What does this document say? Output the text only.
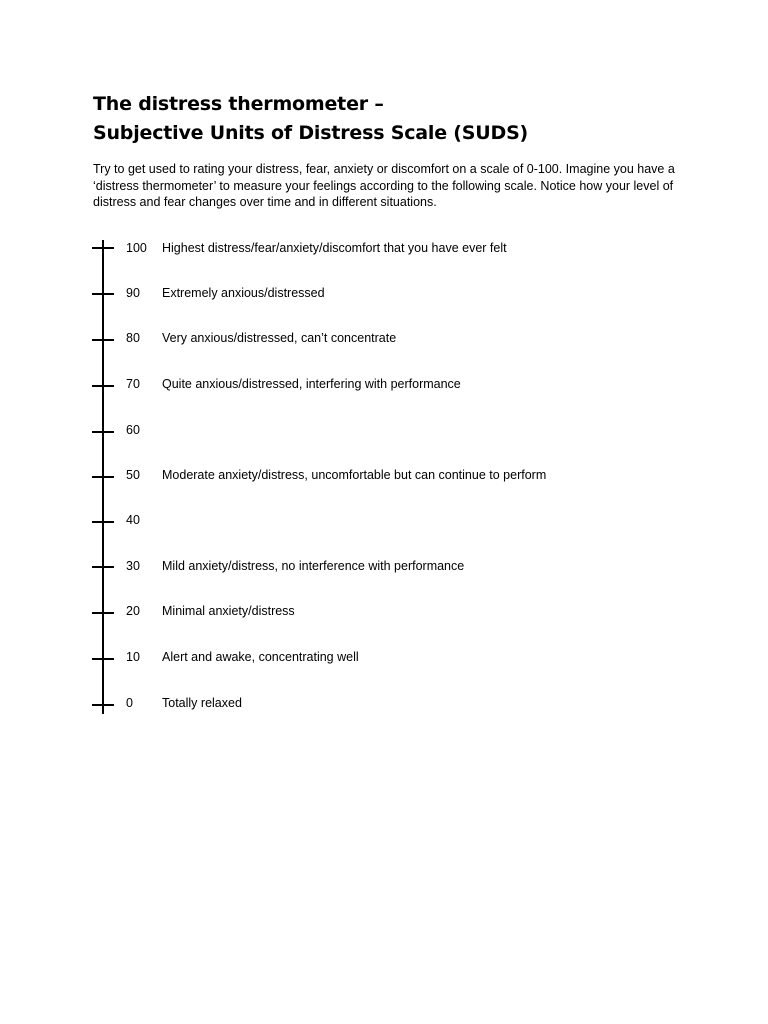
The distress thermometer –
Subjective Units of Distress Scale (SUDS)

Try to get used to rating your distress, fear, anxiety or discomfort on a scale of 0-100. Imagine you have a ‘distress thermometer’ to measure your feelings according to the following scale. Notice how your level of distress and fear changes over time and in different situations.

100 Highest distress/fear/anxiety/discomfort that you have ever felt
90 Extremely anxious/distressed
80 Very anxious/distressed, can’t concentrate
70 Quite anxious/distressed, interfering with performance
60
50 Moderate anxiety/distress, uncomfortable but can continue to perform
40
30 Mild anxiety/distress, no interference with performance
20 Minimal anxiety/distress
10 Alert and awake, concentrating well
0 Totally relaxed
